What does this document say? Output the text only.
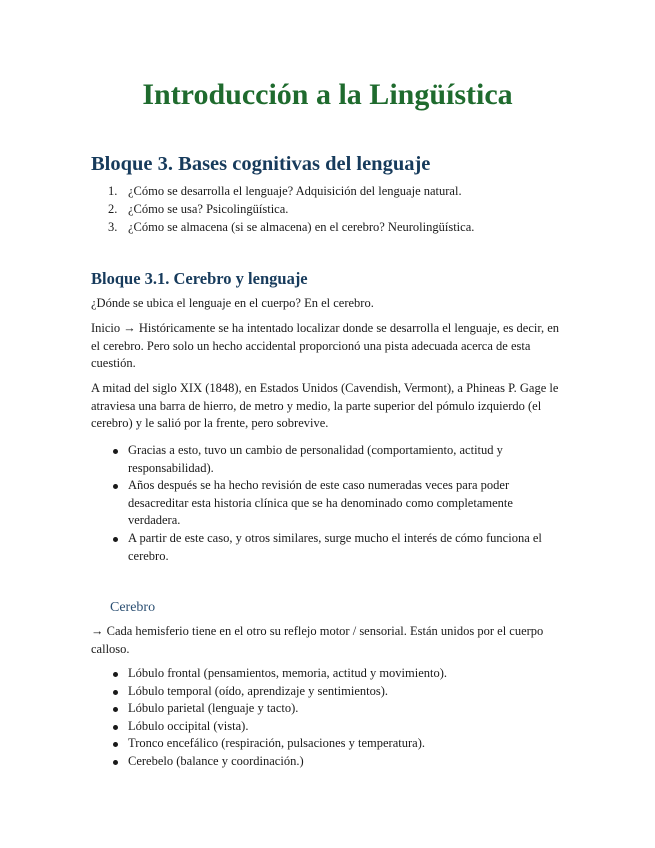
Introducción a la Lingüística
Bloque 3. Bases cognitivas del lenguaje
1. ¿Cómo se desarrolla el lenguaje? Adquisición del lenguaje natural.
2. ¿Cómo se usa? Psicolingüística.
3. ¿Cómo se almacena (si se almacena) en el cerebro? Neurolingüística.
Bloque 3.1. Cerebro y lenguaje

¿Dónde se ubica el lenguaje en el cuerpo? En el cerebro.

Inicio → Históricamente se ha intentado localizar donde se desarrolla el lenguaje, es decir, en el cerebro. Pero solo un hecho accidental proporcionó una pista adecuada acerca de esta cuestión.

A mitad del siglo XIX (1848), en Estados Unidos (Cavendish, Vermont), a Phineas P. Gage le atraviesa una barra de hierro, de metro y medio, la parte superior del pómulo izquierdo (el cerebro) y le salió por la frente, pero sobrevive.

Gracias a esto, tuvo un cambio de personalidad (comportamiento, actitud y responsabilidad).
Años después se ha hecho revisión de este caso numeradas veces para poder desacreditar esta historia clínica que se ha denominado como completamente verdadera.
A partir de este caso, y otros similares, surge mucho el interés de cómo funciona el cerebro.
Cerebro

→ Cada hemisferio tiene en el otro su reflejo motor / sensorial. Están unidos por el cuerpo calloso.

Lóbulo frontal (pensamientos, memoria, actitud y movimiento).
Lóbulo temporal (oído, aprendizaje y sentimientos).
Lóbulo parietal (lenguaje y tacto).
Lóbulo occipital (vista).
Tronco encefálico (respiración, pulsaciones y temperatura).
Cerebelo (balance y coordinación.)
